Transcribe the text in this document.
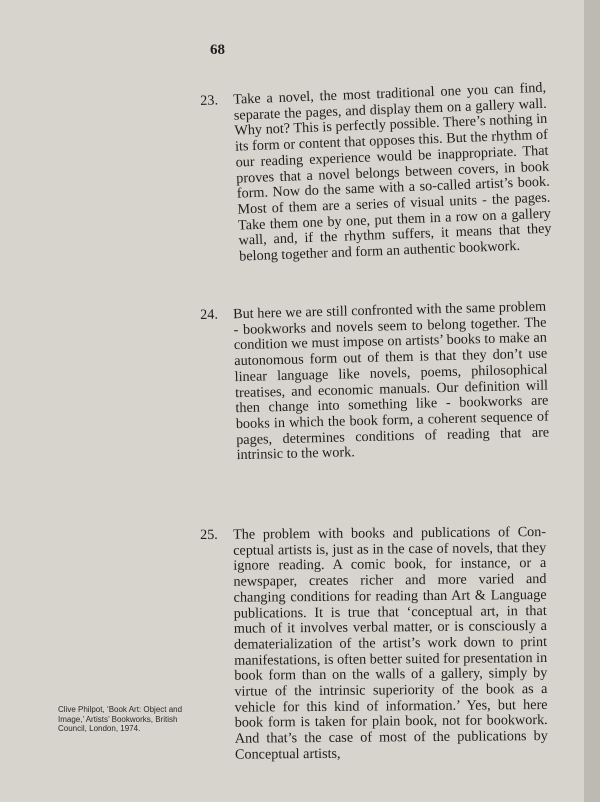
68
23.	Take a novel, the most traditional one you can find, separate the pages, and display them on a gallery wall. Why not? This is perfectly possible. There’s nothing in its form or content that opposes this. But the rhythm of our reading experience would be inappropriate. That proves that a novel belongs between covers, in book form. Now do the same with a so-called artist’s book. Most of them are a series of visual units - the pages. Take them one by one, put them in a row on a gallery wall, and, if the rhythm suffers, it means that they belong together and form an authentic bookwork.
24.	But here we are still confronted with the same problem - bookworks and novels seem to belong together. The condition we must impose on artists’ books to make an autonomous form out of them is that they don’t use linear language like novels, poems, philosophical treatises, and economic manuals. Our definition will then change into something like - bookworks are books in which the book form, a coherent sequence of pages, determines conditions of reading that are intrinsic to the work.
25.	The problem with books and publications of Conceptual artists is, just as in the case of novels, that they ignore reading. A comic book, for instance, or a newspaper, creates richer and more varied and changing conditions for reading than Art & Language publications. It is true that ‘conceptual art, in that much of it involves verbal matter, or is consciously a dematerialization of the artist’s work down to print manifestations, is often better suited for presentation in book form than on the walls of a gallery, simply by virtue of the intrinsic superiority of the book as a vehicle for this kind of information.’ Yes, but here book form is taken for plain book, not for bookwork. And that’s the case of most of the publications by Conceptual artists,
Clive Philpot, ‘Book Art: Object and Image,’ Artists’ Bookworks, British Council, London, 1974.
